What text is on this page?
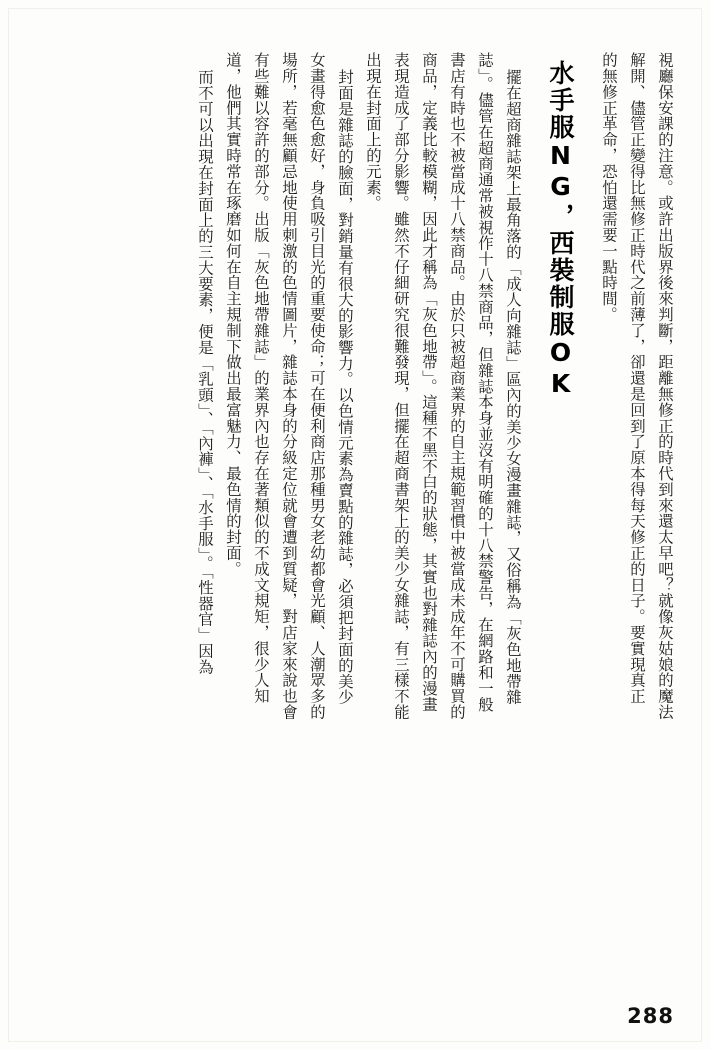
視廳保安課的注意。或許出版界後來判斷，距離無修正的時代到來還太早吧？就像灰姑娘的魔法
解開、儘管正變得比無修正時代之前薄了，卻還是回到了原本得每天修正的日子。要實現真正
的無修正革命，恐怕還需要一點時間。
水手服NG，西裝制服OK
擺在超商雜誌架上最角落的「成人向雜誌」區內的美少女漫畫雜誌，又俗稱為「灰色地帶雜
誌」。儘管在超商通常被視作十八禁商品，但雜誌本身並沒有明確的十八禁警告，在網路和一般
書店有時也不被當成十八禁商品。由於只被超商業界的自主規範習慣中被當成未成年不可購買的
商品，定義比較模糊，因此才稱為「灰色地帶」。這種不黑不白的狀態，其實也對雜誌內的漫畫
表現造成了部分影響。雖然不仔細研究很難發現，但擺在超商書架上的美少女雜誌，有三樣不能
出現在封面上的元素。
封面是雜誌的臉面，對銷量有很大的影響力。以色情元素為賣點的雜誌，必須把封面的美少
女畫得愈色愈好，身負吸引目光的重要使命；可在便利商店那種男女老幼都會光顧、人潮眾多的
場所，若毫無顧忌地使用刺激的色情圖片，雜誌本身的分級定位就會遭到質疑，對店家來說也會
有些難以容許的部分。出版「灰色地帶雜誌」的業界內也存在著類似的不成文規矩，很少人知
道，他們其實時常在琢磨如何在自主規制下做出最富魅力、最色情的封面。
而不可以出現在封面上的三大要素，便是「乳頭」、「內褲」、「水手服」。「性器官」因為
288
